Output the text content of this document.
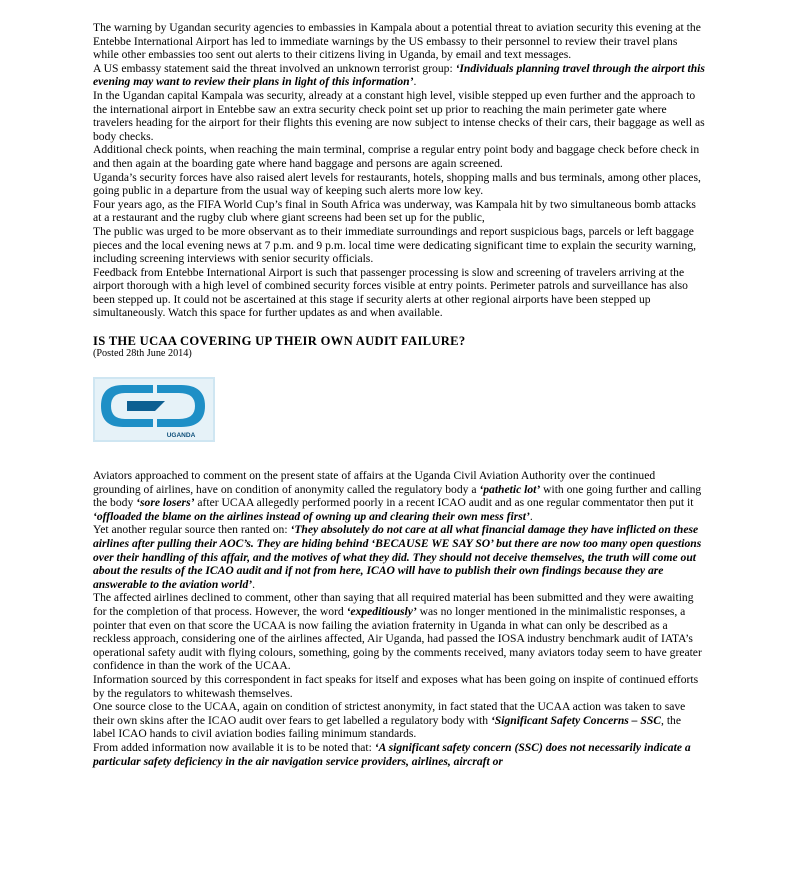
The warning by Ugandan security agencies to embassies in Kampala about a potential threat to aviation security this evening at the Entebbe International Airport has led to immediate warnings by the US embassy to their personnel to review their travel plans while other embassies too sent out alerts to their citizens living in Uganda, by email and text messages.

A US embassy statement said the threat involved an unknown terrorist group: ‘Individuals planning travel through the airport this evening may want to review their plans in light of this information’.

In the Ugandan capital Kampala was security, already at a constant high level, visible stepped up even further and the approach to the international airport in Entebbe saw an extra security check point set up prior to reaching the main perimeter gate where travelers heading for the airport for their flights this evening are now subject to intense checks of their cars, their baggage as well as body checks.

Additional check points, when reaching the main terminal, comprise a regular entry point body and baggage check before check in and then again at the boarding gate where hand baggage and persons are again screened.

Uganda’s security forces have also raised alert levels for restaurants, hotels, shopping malls and bus terminals, among other places, going public in a departure from the usual way of keeping such alerts more low key.

Four years ago, as the FIFA World Cup’s final in South Africa was underway, was Kampala hit by two simultaneous bomb attacks at a restaurant and the rugby club where giant screens had been set up for the public,

The public was urged to be more observant as to their immediate surroundings and report suspicious bags, parcels or left baggage pieces and the local evening news at 7 p.m. and 9 p.m. local time were dedicating significant time to explain the security warning, including screening interviews with senior security officials.

Feedback from Entebbe International Airport is such that passenger processing is slow and screening of travelers arriving at the airport thorough with a high level of combined security forces visible at entry points. Perimeter patrols and surveillance has also been stepped up. It could not be ascertained at this stage if security alerts at other regional airports have been stepped up simultaneously. Watch this space for further updates as and when available.

IS THE UCAA COVERING UP THEIR OWN AUDIT FAILURE?
(Posted 28th June 2014)
UGANDA

Aviators approached to comment on the present state of affairs at the Uganda Civil Aviation Authority over the continued grounding of airlines, have on condition of anonymity called the regulatory body a ‘pathetic lot’ with one going further and calling the body ‘sore losers’ after UCAA allegedly performed poorly in a recent ICAO audit and as one regular commentator then put it ‘offloaded the blame on the airlines instead of owning up and clearing their own mess first’.

Yet another regular source then ranted on: ‘They absolutely do not care at all what financial damage they have inflicted on these airlines after pulling their AOC’s. They are hiding behind ‘BECAUSE WE SAY SO’ but there are now too many open questions over their handling of this affair, and the motives of what they did. They should not deceive themselves, the truth will come out about the results of the ICAO audit and if not from here, ICAO will have to publish their own findings because they are answerable to the aviation world’.

The affected airlines declined to comment, other than saying that all required material has been submitted and they were awaiting for the completion of that process. However, the word ‘expeditiously’ was no longer mentioned in the minimalistic responses, a pointer that even on that score the UCAA is now failing the aviation fraternity in Uganda in what can only be described as a reckless approach, considering one of the airlines affected, Air Uganda, had passed the IOSA industry benchmark audit of IATA’s operational safety audit with flying colours, something, going by the comments received, many aviators today seem to have greater confidence in than the work of the UCAA.

Information sourced by this correspondent in fact speaks for itself and exposes what has been going on inspite of continued efforts by the regulators to whitewash themselves.

One source close to the UCAA, again on condition of strictest anonymity, in fact stated that the UCAA action was taken to save their own skins after the ICAO audit over fears to get labelled a regulatory body with ‘Significant Safety Concerns – SSC, the label ICAO hands to civil aviation bodies failing minimum standards.

From added information now available it is to be noted that: ‘A significant safety concern (SSC) does not necessarily indicate a particular safety deficiency in the air navigation service providers, airlines, aircraft or
